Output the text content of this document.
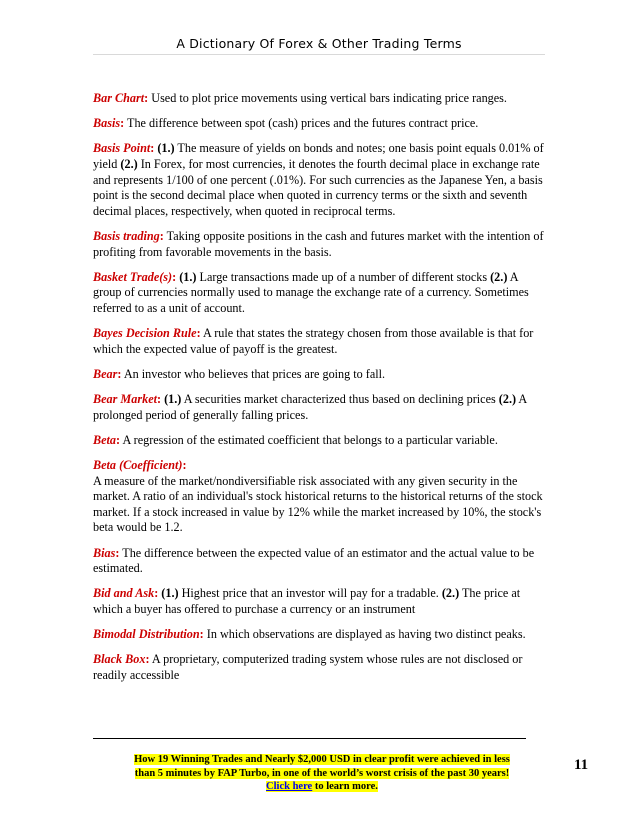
A Dictionary Of Forex & Other Trading Terms

Bar Chart: Used to plot price movements using vertical bars indicating price ranges.

Basis: The difference between spot (cash) prices and the futures contract price.

Basis Point: (1.) The measure of yields on bonds and notes; one basis point equals 0.01% of yield (2.) In Forex, for most currencies, it denotes the fourth decimal place in exchange rate and represents 1/100 of one percent (.01%). For such currencies as the Japanese Yen, a basis point is the second decimal place when quoted in currency terms or the sixth and seventh decimal places, respectively, when quoted in reciprocal terms.

Basis trading: Taking opposite positions in the cash and futures market with the intention of profiting from favorable movements in the basis.

Basket Trade(s): (1.) Large transactions made up of a number of different stocks (2.) A group of currencies normally used to manage the exchange rate of a currency. Sometimes referred to as a unit of account.

Bayes Decision Rule: A rule that states the strategy chosen from those available is that for which the expected value of payoff is the greatest.

Bear: An investor who believes that prices are going to fall.

Bear Market: (1.) A securities market characterized thus based on declining prices (2.) A prolonged period of generally falling prices.

Beta: A regression of the estimated coefficient that belongs to a particular variable.

Beta (Coefficient):
A measure of the market/nondiversifiable risk associated with any given security in the market. A ratio of an individual's stock historical returns to the historical returns of the stock market. If a stock increased in value by 12% while the market increased by 10%, the stock's beta would be 1.2.

Bias: The difference between the expected value of an estimator and the actual value to be estimated.

Bid and Ask: (1.) Highest price that an investor will pay for a tradable. (2.) The price at which a buyer has offered to purchase a currency or an instrument

Bimodal Distribution: In which observations are displayed as having two distinct peaks.

Black Box: A proprietary, computerized trading system whose rules are not disclosed or readily accessible

How 19 Winning Trades and Nearly $2,000 USD in clear profit were achieved in less
than 5 minutes by FAP Turbo, in one of the world’s worst crisis of the past 30 years!
Click here to learn more.
11
